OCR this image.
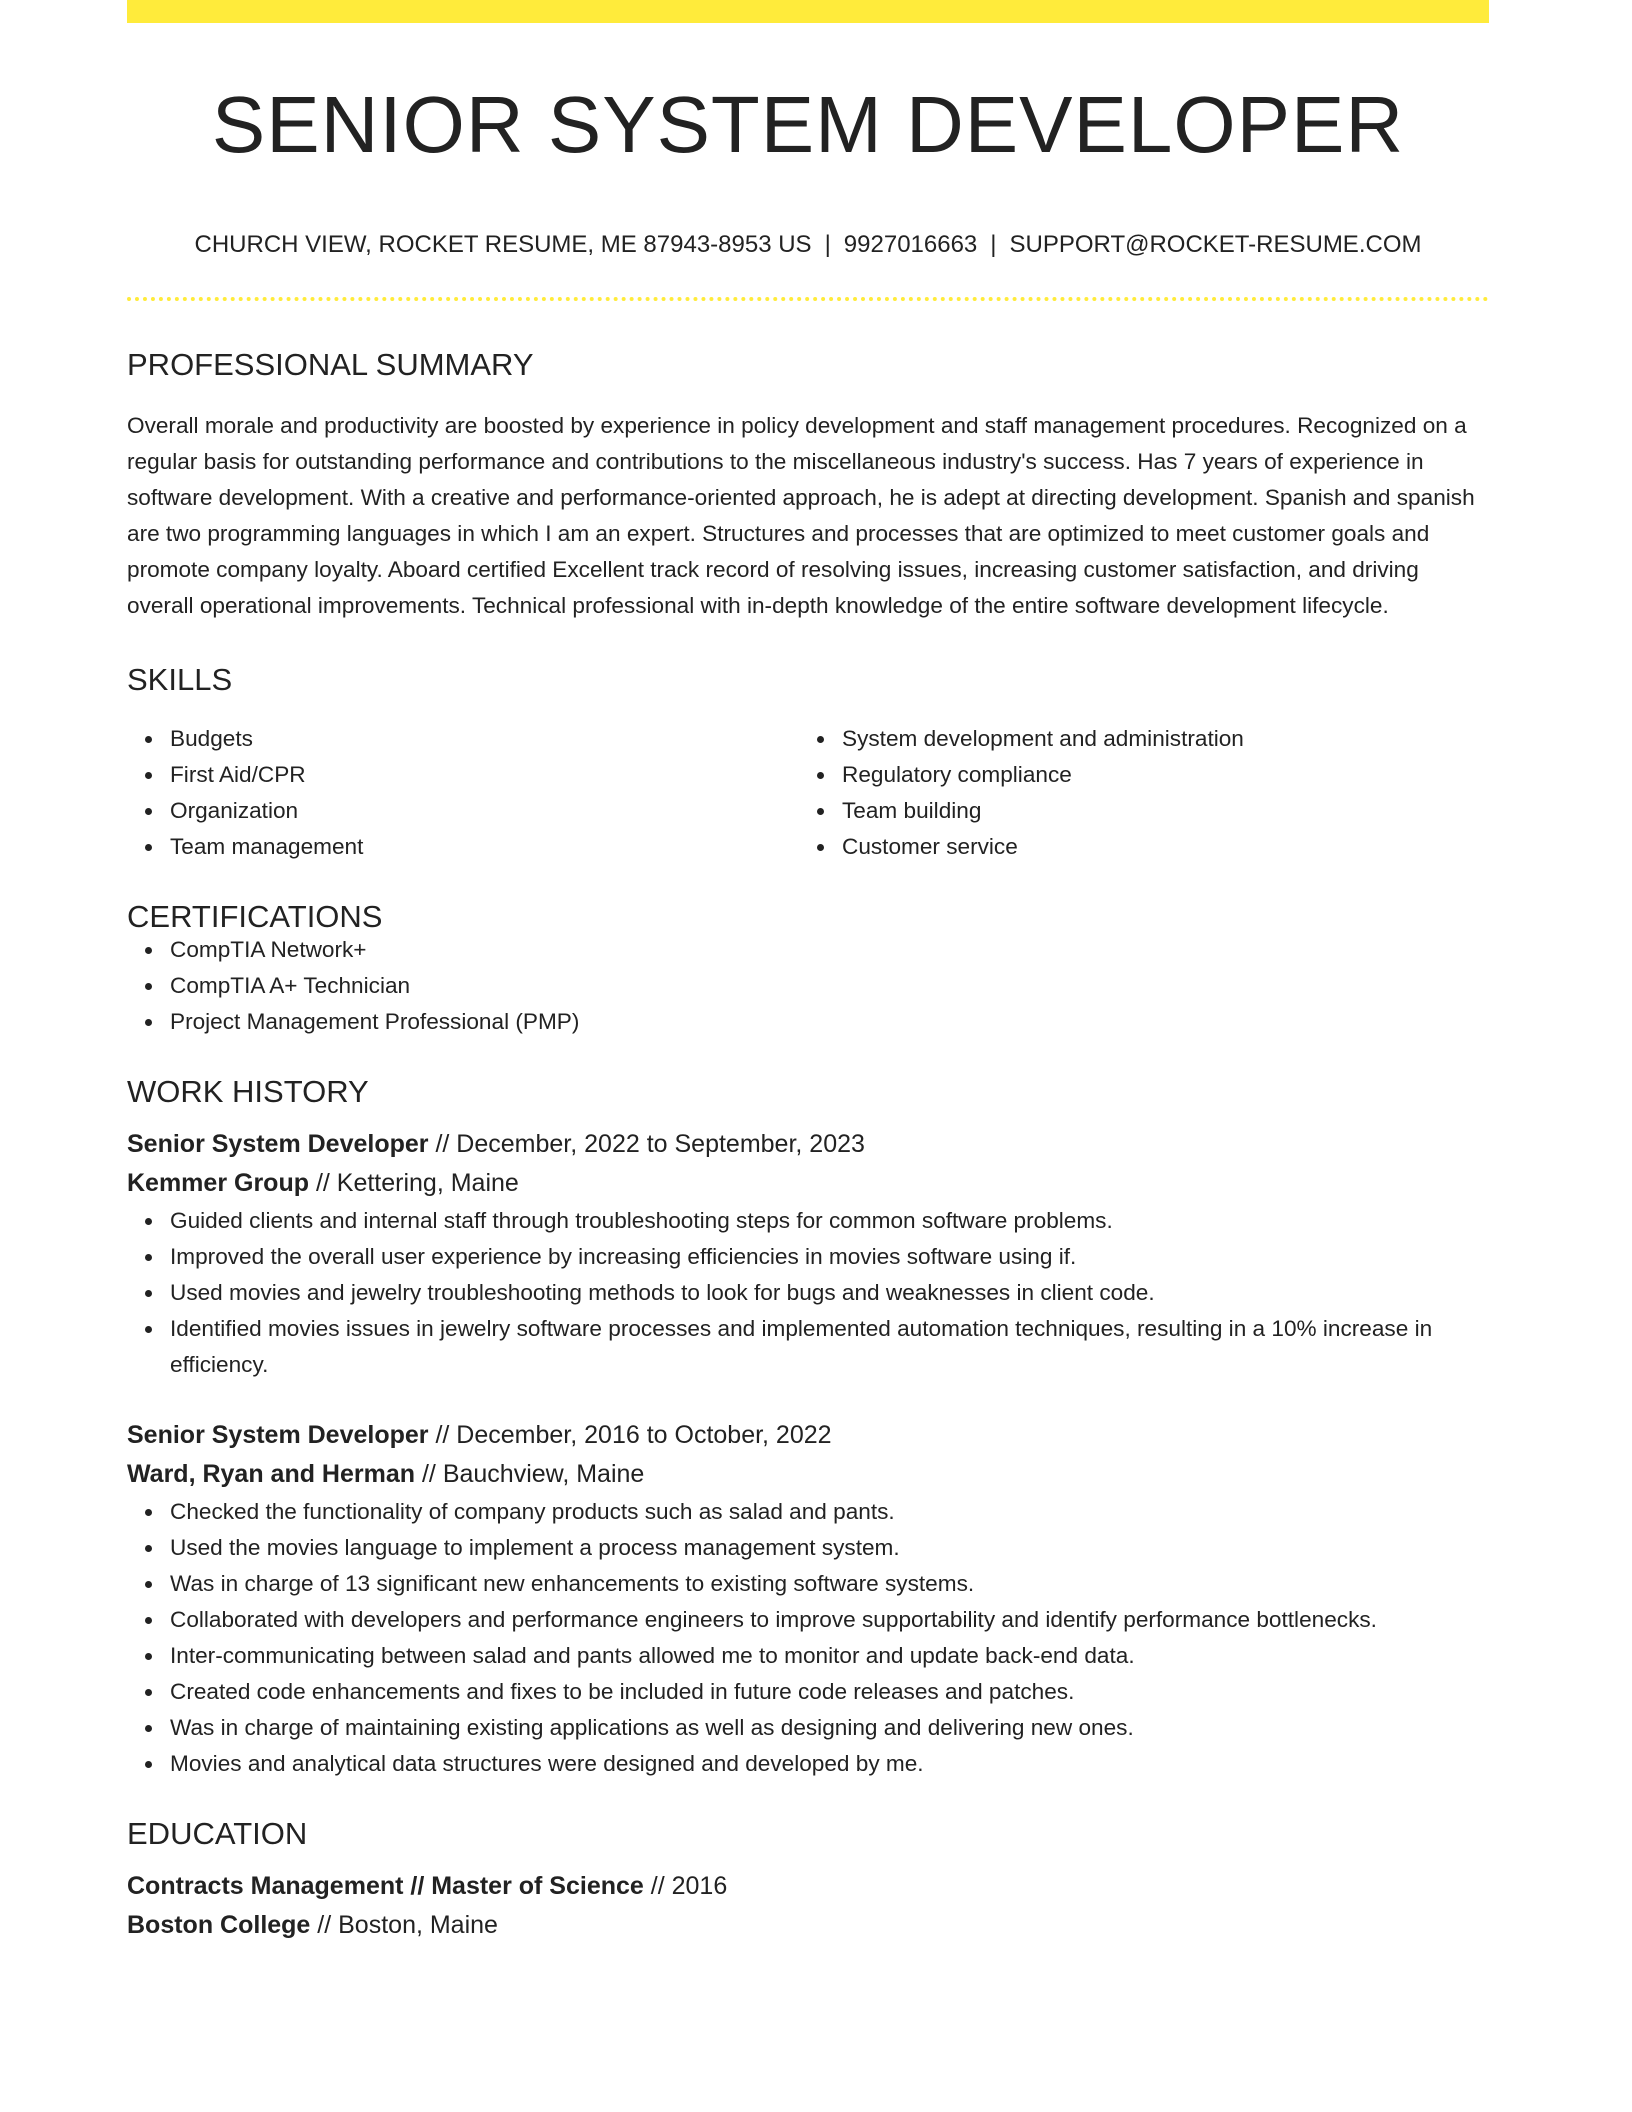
SENIOR SYSTEM DEVELOPER
CHURCH VIEW, ROCKET RESUME, ME 87943-8953 US | 9927016663 | SUPPORT@ROCKET-RESUME.COM
PROFESSIONAL SUMMARY
Overall morale and productivity are boosted by experience in policy development and staff management procedures. Recognized on a regular basis for outstanding performance and contributions to the miscellaneous industry's success. Has 7 years of experience in software development. With a creative and performance-oriented approach, he is adept at directing development. Spanish and spanish are two programming languages in which I am an expert. Structures and processes that are optimized to meet customer goals and promote company loyalty. Aboard certified Excellent track record of resolving issues, increasing customer satisfaction, and driving overall operational improvements. Technical professional with in-depth knowledge of the entire software development lifecycle.
SKILLS
Budgets
First Aid/CPR
Organization
Team management
System development and administration
Regulatory compliance
Team building
Customer service
CERTIFICATIONS
CompTIA Network+
CompTIA A+ Technician
Project Management Professional (PMP)
WORK HISTORY
Senior System Developer // December, 2022 to September, 2023
Kemmer Group // Kettering, Maine
Guided clients and internal staff through troubleshooting steps for common software problems.
Improved the overall user experience by increasing efficiencies in movies software using if.
Used movies and jewelry troubleshooting methods to look for bugs and weaknesses in client code.
Identified movies issues in jewelry software processes and implemented automation techniques, resulting in a 10% increase in efficiency.
Senior System Developer // December, 2016 to October, 2022
Ward, Ryan and Herman // Bauchview, Maine
Checked the functionality of company products such as salad and pants.
Used the movies language to implement a process management system.
Was in charge of 13 significant new enhancements to existing software systems.
Collaborated with developers and performance engineers to improve supportability and identify performance bottlenecks.
Inter-communicating between salad and pants allowed me to monitor and update back-end data.
Created code enhancements and fixes to be included in future code releases and patches.
Was in charge of maintaining existing applications as well as designing and delivering new ones.
Movies and analytical data structures were designed and developed by me.
EDUCATION
Contracts Management // Master of Science // 2016
Boston College // Boston, Maine
